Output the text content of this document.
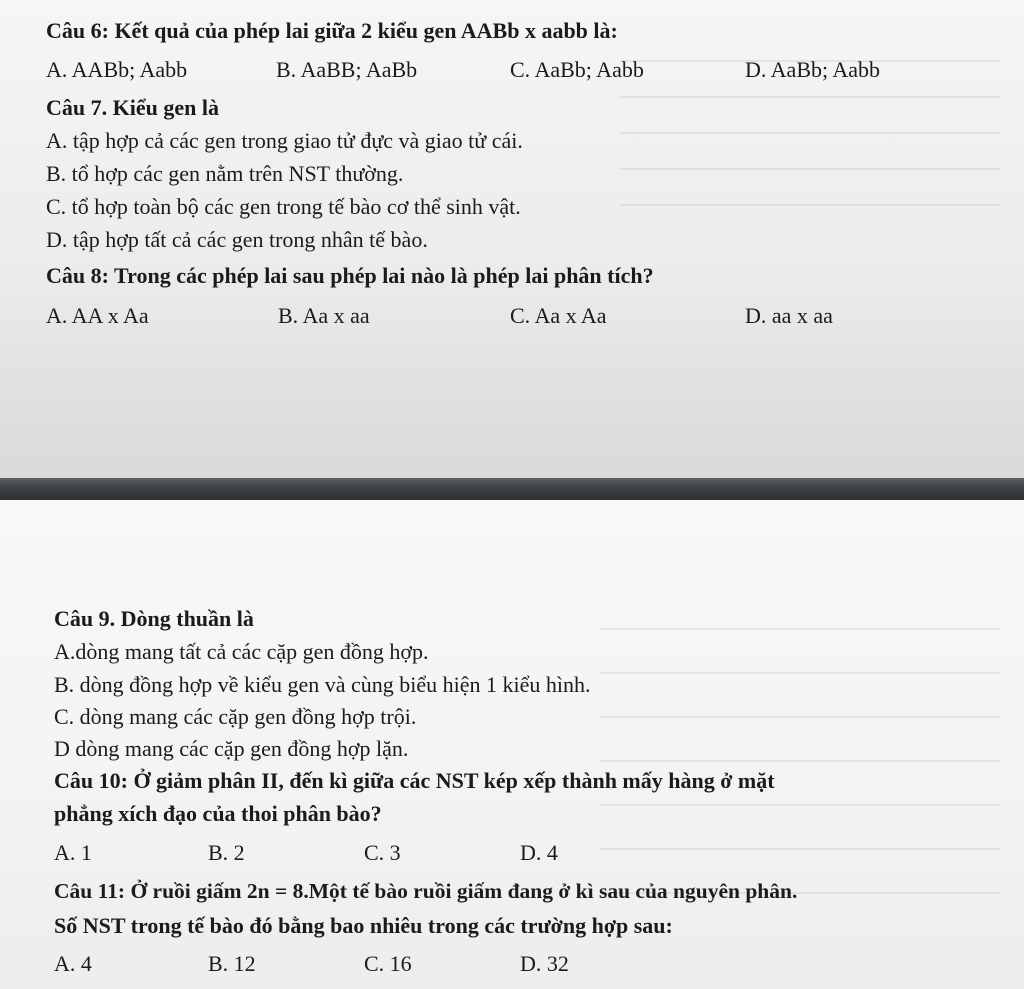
Câu 6: Kết quả của phép lai giữa 2 kiểu gen AABb x aabb là:
A. AABb; Aabb	B. AaBB; AaBb	C. AaBb; Aabb	D. AaBb; Aabb
Câu 7. Kiểu gen là
A. tập hợp cả các gen trong giao tử đực và giao tử cái.
B. tổ hợp các gen nằm trên NST thường.
C. tổ hợp toàn bộ các gen trong tế bào cơ thể sinh vật.
D. tập hợp tất cả các gen trong nhân tế bào.
Câu 8: Trong các phép lai sau phép lai nào là phép lai phân tích?
A. AA x Aa	B. Aa x aa	C. Aa x Aa	D. aa x aa
Câu 9. Dòng thuần là
A.dòng mang tất cả các cặp gen đồng hợp.
B. dòng đồng hợp về kiểu gen và cùng biểu hiện 1 kiểu hình.
C. dòng mang các cặp gen đồng hợp trội.
D dòng mang các cặp gen đồng hợp lặn.
Câu 10: Ở giảm phân II, đến kì giữa các NST kép xếp thành mấy hàng ở mặt
phẳng xích đạo của thoi phân bào?
A. 1	B. 2	C. 3	D. 4
Câu 11: Ở ruồi giấm 2n = 8.Một tế bào ruồi giấm đang ở kì sau của nguyên phân.
Số NST trong tế bào đó bằng bao nhiêu trong các trường hợp sau:
A. 4	B. 12	C. 16	D. 32
